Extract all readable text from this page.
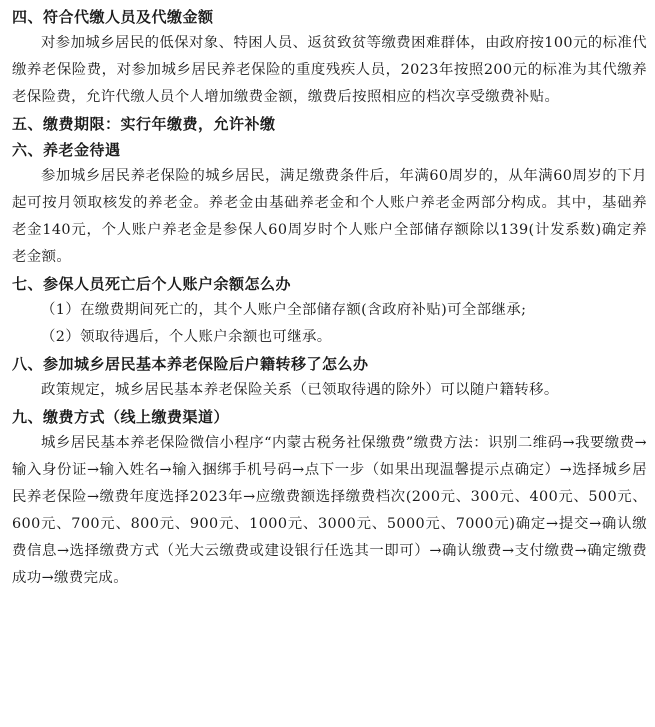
四、符合代缴人员及代缴金额

对参加城乡居民的低保对象、特困人员、返贫致贫等缴费困难群体，由政府按100元的标准代缴养老保险费，对参加城乡居民养老保险的重度残疾人员，2023年按照200元的标准为其代缴养老保险费，允许代缴人员个人增加缴费金额，缴费后按照相应的档次享受缴费补贴。

五、缴费期限：实行年缴费，允许补缴
六、养老金待遇

参加城乡居民养老保险的城乡居民，满足缴费条件后，年满60周岁的，从年满60周岁的下月起可按月领取核发的养老金。养老金由基础养老金和个人账户养老金两部分构成。其中，基础养老金140元，个人账户养老金是参保人60周岁时个人账户全部储存额除以139(计发系数)确定养老金额。

七、参保人员死亡后个人账户余额怎么办

（1）在缴费期间死亡的，其个人账户全部储存额(含政府补贴)可全部继承;

（2）领取待遇后，个人账户余额也可继承。

八、参加城乡居民基本养老保险后户籍转移了怎么办

政策规定，城乡居民基本养老保险关系（已领取待遇的除外）可以随户籍转移。

九、缴费方式（线上缴费渠道）

城乡居民基本养老保险微信小程序“内蒙古税务社保缴费”缴费方法：识别二维码→我要缴费→输入身份证→输入姓名→输入捆绑手机号码→点下一步（如果出现温馨提示点确定）→选择城乡居民养老保险→缴费年度选择2023年→应缴费额选择缴费档次(200元、300元、400元、500元、600元、700元、800元、900元、1000元、3000元、5000元、7000元)确定→提交→确认缴费信息→选择缴费方式（光大云缴费或建设银行任选其一即可）→确认缴费→支付缴费→确定缴费成功→缴费完成。
